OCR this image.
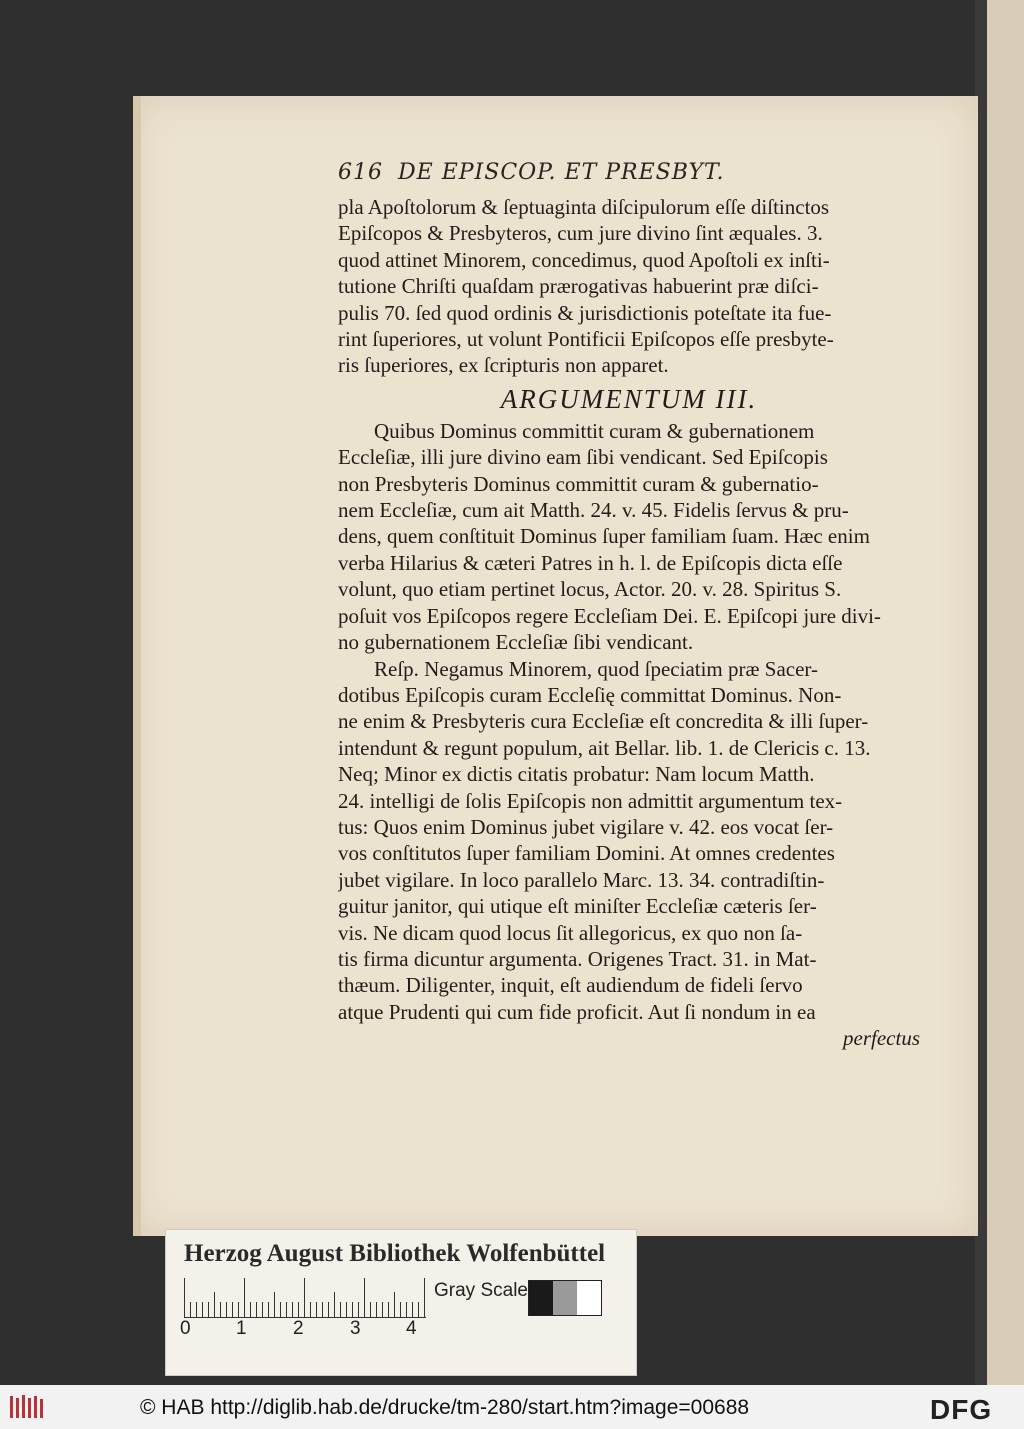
616 DE EPISCOP. ET PRESBYT.
pla Apoſtolorum & ſeptuaginta diſcipulorum eſſe diſtinctos
Epiſcopos & Presbyteros, cum jure divino ſint æquales. 3.
quod attinet Minorem, concedimus, quod Apoſtoli ex inſti-
tutione Chriſti quaſdam prærogativas habuerint præ diſci-
pulis 70. ſed quod ordinis & jurisdictionis poteſtate ita fue-
rint ſuperiores, ut volunt Pontificii Epiſcopos eſſe presbyte-
ris ſuperiores, ex ſcripturis non apparet.
ARGUMENTUM III.
Quibus Dominus committit curam & gubernationem
Eccleſiæ, illi jure divino eam ſibi vendicant. Sed Epiſcopis
non Presbyteris Dominus committit curam & gubernatio-
nem Eccleſiæ, cum ait Matth. 24. v. 45. Fidelis ſervus & pru-
dens, quem conſtituit Dominus ſuper familiam ſuam. Hæc enim
verba Hilarius & cæteri Patres in h. l. de Epiſcopis dicta eſſe
volunt, quo etiam pertinet locus, Actor. 20. v. 28. Spiritus S.
poſuit vos Epiſcopos regere Eccleſiam Dei. E. Epiſcopi jure divi-
no gubernationem Eccleſiæ ſibi vendicant.
Reſp. Negamus Minorem, quod ſpeciatim præ Sacer-
dotibus Epiſcopis curam Eccleſię committat Dominus. Non-
ne enim & Presbyteris cura Eccleſiæ eſt concredita & illi ſuper-
intendunt & regunt populum, ait Bellar. lib. 1. de Clericis c. 13.
Neq; Minor ex dictis citatis probatur: Nam locum Matth.
24. intelligi de ſolis Epiſcopis non admittit argumentum tex-
tus: Quos enim Dominus jubet vigilare v. 42. eos vocat ſer-
vos conſtitutos ſuper familiam Domini. At omnes credentes
jubet vigilare. In loco parallelo Marc. 13. 34. contradiſtin-
guitur janitor, qui utique eſt miniſter Eccleſiæ cæteris ſer-
vis. Ne dicam quod locus ſit allegoricus, ex quo non ſa-
tis firma dicuntur argumenta. Origenes Tract. 31. in Mat-
thæum. Diligenter, inquit, eſt audiendum de fideli ſervo
atque Prudenti qui cum fide proficit. Aut ſi nondum in ea
perfectus
Herzog August Bibliothek Wolfenbüttel
0 1 2 3 4
Gray Scale
© HAB http://diglib.hab.de/drucke/tm-280/start.htm?image=00688	DFG
